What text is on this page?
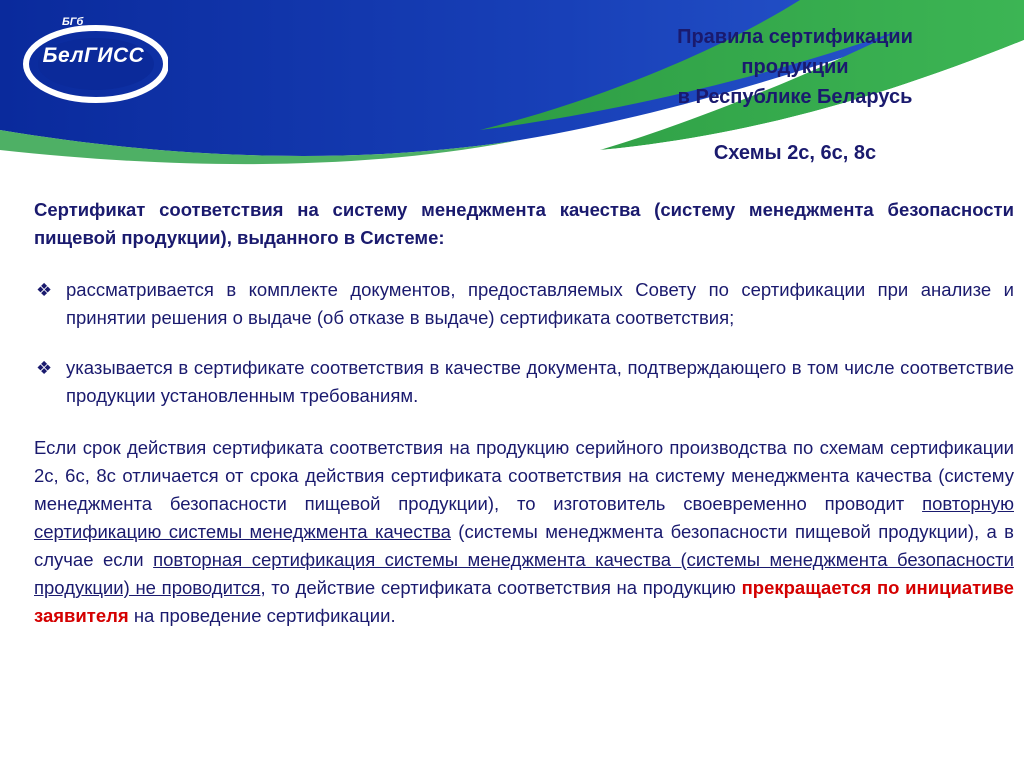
БГб
БелГИСС
Правила сертификации
продукции
в Республике Беларусь
Схемы 2с, 6с, 8с

Сертификат соответствия на систему менеджмента качества (систему менеджмента безопасности пищевой продукции), выданного в Системе:

❖ рассматривается в комплекте документов, предоставляемых Совету по сертификации при анализе и принятии решения о выдаче (об отказе в выдаче) сертификата соответствия;
❖ указывается в сертификате соответствия в качестве документа, подтверждающего в том числе соответствие продукции установленным требованиям.

Если срок действия сертификата соответствия на продукцию серийного производства по схемам сертификации 2с, 6с, 8с отличается от срока действия сертификата соответствия на систему менеджмента качества (систему менеджмента безопасности пищевой продукции), то изготовитель своевременно проводит повторную сертификацию системы менеджмента качества (системы менеджмента безопасности пищевой продукции), а в случае если повторная сертификация системы менеджмента качества (системы менеджмента безопасности продукции) не проводится, то действие сертификата соответствия на продукцию прекращается по инициативе заявителя на проведение сертификации.
